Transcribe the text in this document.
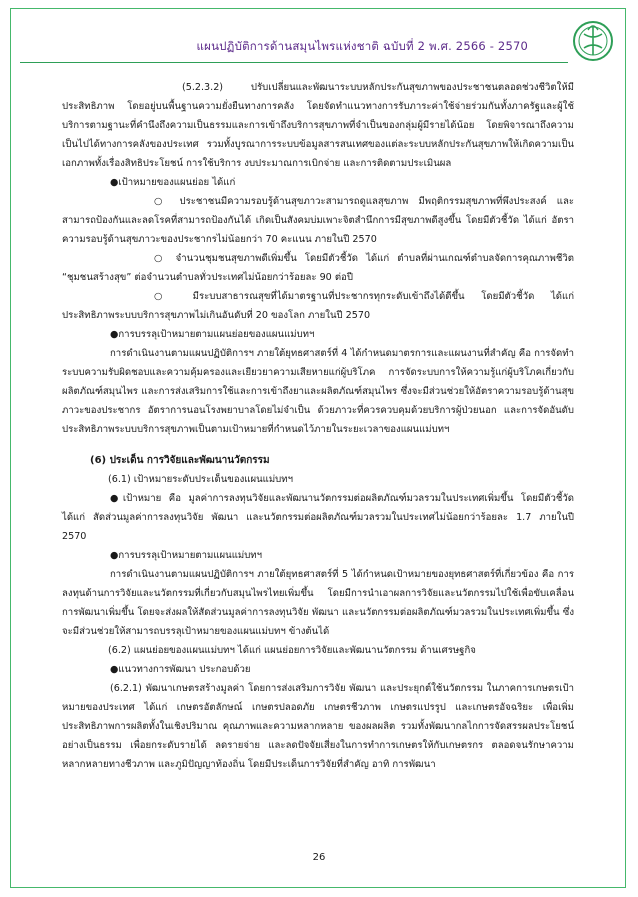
แผนปฏิบัติการด้านสมุนไพรแห่งชาติ ฉบับที่ 2 พ.ศ. 2566 - 2570

(5.2.3.2) ปรับเปลี่ยนและพัฒนาระบบหลักประกันสุขภาพของประชาชนตลอดช่วงชีวิตให้มีประสิทธิภาพ โดยอยู่บนพื้นฐานความยั่งยืนทางการคลัง โดยจัดทำแนวทางการรับภาระค่าใช้จ่ายร่วมกันทั้งภาครัฐและผู้ใช้บริการตามฐานะที่คำนึงถึงความเป็นธรรมและการเข้าถึงบริการสุขภาพที่จำเป็นของกลุ่มผู้มีรายได้น้อย โดยพิจารณาถึงความเป็นไปได้ทางการคลังของประเทศ รวมทั้งบูรณาการระบบข้อมูลสารสนเทศของแต่ละระบบหลักประกันสุขภาพให้เกิดความเป็นเอกภาพทั้งเรื่องสิทธิประโยชน์ การใช้บริการ งบประมาณการเบิกจ่าย และการติดตามประเมินผล

●เป้าหมายของแผนย่อย ได้แก่

○ ประชาชนมีความรอบรู้ด้านสุขภาวะสามารถดูแลสุขภาพ มีพฤติกรรมสุขภาพที่พึงประสงค์ และสามารถป้องกันและลดโรคที่สามารถป้องกันได้ เกิดเป็นสังคมบ่มเพาะจิตสำนึกการมีสุขภาพดีสูงขึ้น โดยมีตัวชี้วัด ได้แก่ อัตราความรอบรู้ด้านสุขภาวะของประชากรไม่น้อยกว่า 70 คะแนน ภายในปี 2570

○ จำนวนชุมชนสุขภาพดีเพิ่มขึ้น โดยมีตัวชี้วัด ได้แก่ ตำบลที่ผ่านเกณฑ์ตำบลจัดการคุณภาพชีวิต “ชุมชนสร้างสุข” ต่อจำนวนตำบลทั่วประเทศไม่น้อยกว่าร้อยละ 90 ต่อปี

○ มีระบบสาธารณสุขที่ได้มาตรฐานที่ประชากรทุกระดับเข้าถึงได้ดีขึ้น โดยมีตัวชี้วัด ได้แก่ ประสิทธิภาพระบบบริการสุขภาพไม่เกินอันดับที่ 20 ของโลก ภายในปี 2570

●การบรรลุเป้าหมายตามแผนย่อยของแผนแม่บทฯ

การดำเนินงานตามแผนปฏิบัติการฯ ภายใต้ยุทธศาสตร์ที่ 4 ได้กำหนดมาตรการและแผนงานที่สำคัญ คือ การจัดทำระบบความรับผิดชอบและความคุ้มครองและเยียวยาความเสียหายแก่ผู้บริโภค การจัดระบบการให้ความรู้แก่ผู้บริโภคเกี่ยวกับผลิตภัณฑ์สมุนไพร และการส่งเสริมการใช้และการเข้าถึงยาและผลิตภัณฑ์สมุนไพร ซึ่งจะมีส่วนช่วยให้อัตราความรอบรู้ด้านสุขภาวะของประชากร อัตราการนอนโรงพยาบาลโดยไม่จำเป็น ด้วยภาวะที่ควรควบคุมด้วยบริการผู้ป่วยนอก และการจัดอันดับประสิทธิภาพระบบบริการสุขภาพเป็นตามเป้าหมายที่กำหนดไว้ภายในระยะเวลาของแผนแม่บทฯ

(6) ประเด็น การวิจัยและพัฒนานวัตกรรม

(6.1) เป้าหมายระดับประเด็นของแผนแม่บทฯ

●เป้าหมาย คือ มูลค่าการลงทุนวิจัยและพัฒนานวัตกรรมต่อผลิตภัณฑ์มวลรวมในประเทศเพิ่มขึ้น โดยมีตัวชี้วัด ได้แก่ สัดส่วนมูลค่าการลงทุนวิจัย พัฒนา และนวัตกรรมต่อผลิตภัณฑ์มวลรวมในประเทศไม่น้อยกว่าร้อยละ 1.7 ภายในปี 2570

●การบรรลุเป้าหมายตามแผนแม่บทฯ

การดำเนินงานตามแผนปฏิบัติการฯ ภายใต้ยุทธศาสตร์ที่ 5 ได้กำหนดเป้าหมายของยุทธศาสตร์ที่เกี่ยวข้อง คือ การลงทุนด้านการวิจัยและนวัตกรรมที่เกี่ยวกับสมุนไพรไทยเพิ่มขึ้น โดยมีการนำเอาผลการวิจัยและนวัตกรรมไปใช้เพื่อขับเคลื่อนการพัฒนาเพิ่มขึ้น โดยจะส่งผลให้สัดส่วนมูลค่าการลงทุนวิจัย พัฒนา และนวัตกรรมต่อผลิตภัณฑ์มวลรวมในประเทศเพิ่มขึ้น ซึ่งจะมีส่วนช่วยให้สามารถบรรลุเป้าหมายของแผนแม่บทฯ ข้างต้นได้

(6.2) แผนย่อยของแผนแม่บทฯ ได้แก่ แผนย่อยการวิจัยและพัฒนานวัตกรรม ด้านเศรษฐกิจ

●แนวทางการพัฒนา ประกอบด้วย

(6.2.1) พัฒนาเกษตรสร้างมูลค่า โดยการส่งเสริมการวิจัย พัฒนา และประยุกต์ใช้นวัตกรรม ในภาคการเกษตรเป้าหมายของประเทศ ได้แก่ เกษตรอัตลักษณ์ เกษตรปลอดภัย เกษตรชีวภาพ เกษตรแปรรูป และเกษตรอัจฉริยะ เพื่อเพิ่มประสิทธิภาพการผลิตทั้งในเชิงปริมาณ คุณภาพและความหลากหลาย ของผลผลิต รวมทั้งพัฒนากลไกการจัดสรรผลประโยชน์อย่างเป็นธรรม เพื่อยกระดับรายได้ ลดรายจ่าย และลดปัจจัยเสี่ยงในการทำการเกษตรให้กับเกษตรกร ตลอดจนรักษาความหลากหลายทางชีวภาพ และภูมิปัญญาท้องถิ่น โดยมีประเด็นการวิจัยที่สำคัญ อาทิ การพัฒนา

26
